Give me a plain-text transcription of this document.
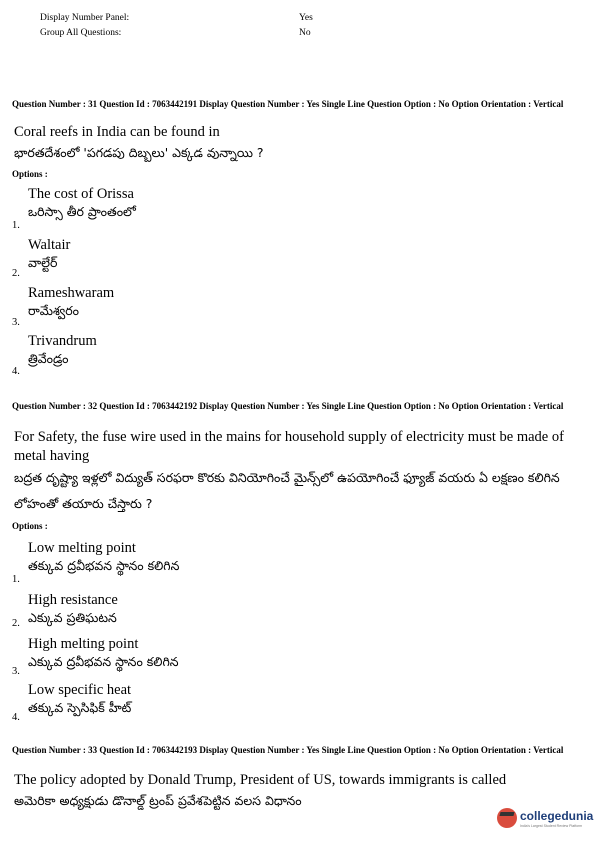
Display Number Panel:	Yes
Group All Questions:	No
Question Number : 31 Question Id : 7063442191 Display Question Number : Yes Single Line Question Option : No Option Orientation : Vertical
Coral reefs in India can be found in
భారతదేశంలో 'పగడపు దిబ్బలు' ఎక్కడ వున్నాయి ?
Options :
The cost of Orissa
ఒరిస్సా తీర ప్రాంతంలో
1.
Waltair
వాల్టేర్
2.
Rameshwaram
రామేశ్వరం
3.
Trivandrum
త్రివేండ్రం
4.
Question Number : 32 Question Id : 7063442192 Display Question Number : Yes Single Line Question Option : No Option Orientation : Vertical
For Safety, the fuse wire used in the mains for household supply of electricity must be made of metal having
బద్రత దృష్ట్యా ఇళ్లలో విద్యుత్ సరఫరా కొరకు వినియోగించే మైన్స్‌లో ఉపయోగించే ఫ్యూజ్ వయరు ఏ లక్షణం కలిగిన లోహంతో తయారు చేస్తారు ?
Options :
Low melting point
తక్కువ ద్రవీభవన స్థానం కలిగిన
1.
High resistance
ఎక్కువ ప్రతిఘటన
2.
High melting point
ఎక్కువ ద్రవీభవన స్థానం కలిగిన
3.
Low specific heat
తక్కువ స్పెసిఫిక్ హీట్
4.
Question Number : 33 Question Id : 7063442193 Display Question Number : Yes Single Line Question Option : No Option Orientation : Vertical
The policy adopted by Donald Trump, President of US, towards immigrants is called
అమెరికా అధ్యక్షుడు డొనాల్డ్ ట్రంప్ ప్రవేశపెట్టిన వలస విధానం
collegedunia
India's Largest Student Review Platform
